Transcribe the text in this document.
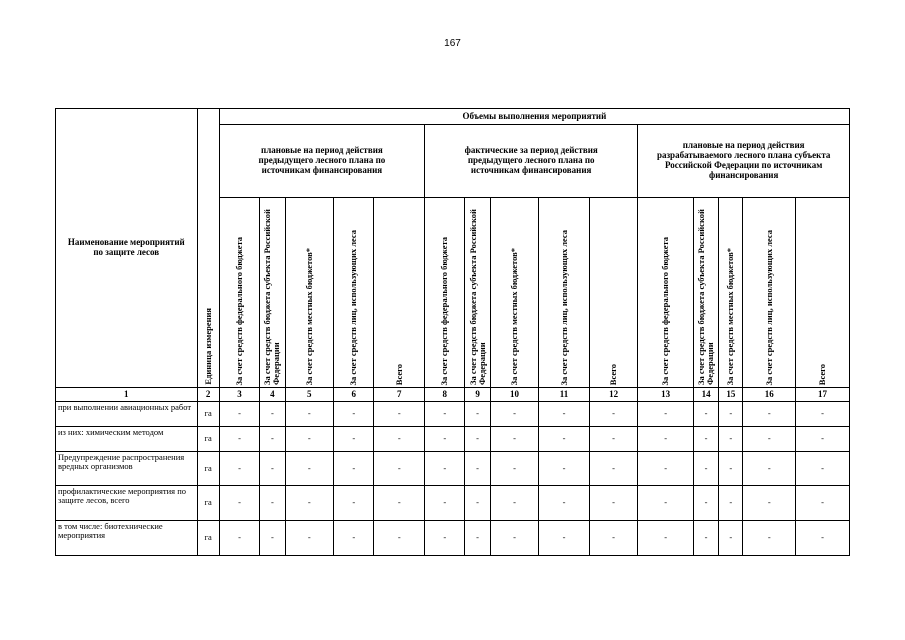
167
Наименование мероприятий по защите лесов	Единица измерения	Объемы выполнения мероприятий														
		плановые на период действия предыдущего лесного плана по источникам финансирования					фактические за период действия предыдущего лесного плана по источникам финансирования					плановые на период действия разрабатываемого лесного плана субъекта Российской Федерации по источникам финансирования				

		За счет средств федерального бюджета	За счет средств бюджета субъекта Российской Федерации	За счет средств местных бюджетов*	За счет средств лиц, использующих леса	Всего	За счет средств федерального бюджета	За счет средств бюджета субъекта Российской Федерации	За счет средств местных бюджетов*	За счет средств лиц, использующих леса	Всего	За счет средств федерального бюджета	За счет средств бюджета субъекта Российской Федерации	За счет средств местных бюджетов*	За счет средств лиц, использующих леса	Всего

1	2	3	4	5	6	7	8	9	10	11	12	13	14	15	16	17
при выполнении авиационных работ	га	-	-	-	-	-	-	-	-	-	-	-	-	-	-	-
из них: химическим методом	га	-	-	-	-	-	-	-	-	-	-	-	-	-	-	-
Предупреждение распространения вредных организмов	га	-	-	-	-	-	-	-	-	-	-	-	-	-	-	-
профилактические мероприятия по защите лесов, всего	га	-	-	-	-	-	-	-	-	-	-	-	-	-	-	-
в том числе: биотехнические мероприятия	га	-	-	-	-	-	-	-	-	-	-	-	-	-	-	-
